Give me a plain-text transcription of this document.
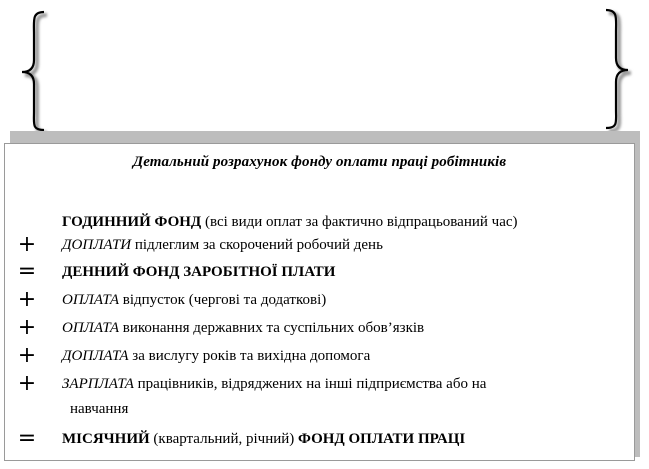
Детальний розрахунок фонду оплати праці робітників
ГОДИННИЙ ФОНД (всі види оплат за фактично відпрацьований час)
+ ДОПЛАТИ підлеглим за скорочений робочий день
= ДЕННИЙ ФОНД ЗАРОБІТНОЇ ПЛАТИ
+ ОПЛАТА відпусток (чергові та додаткові)
+ ОПЛАТА виконання державних та суспільних обов’язків
+ ДОПЛАТА за вислугу років та вихідна допомога
+ ЗАРПЛАТА працівників, відряджених на інші підприємства або на
навчання
= МІСЯЧНИЙ (квартальний, річний) ФОНД ОПЛАТИ ПРАЦІ
